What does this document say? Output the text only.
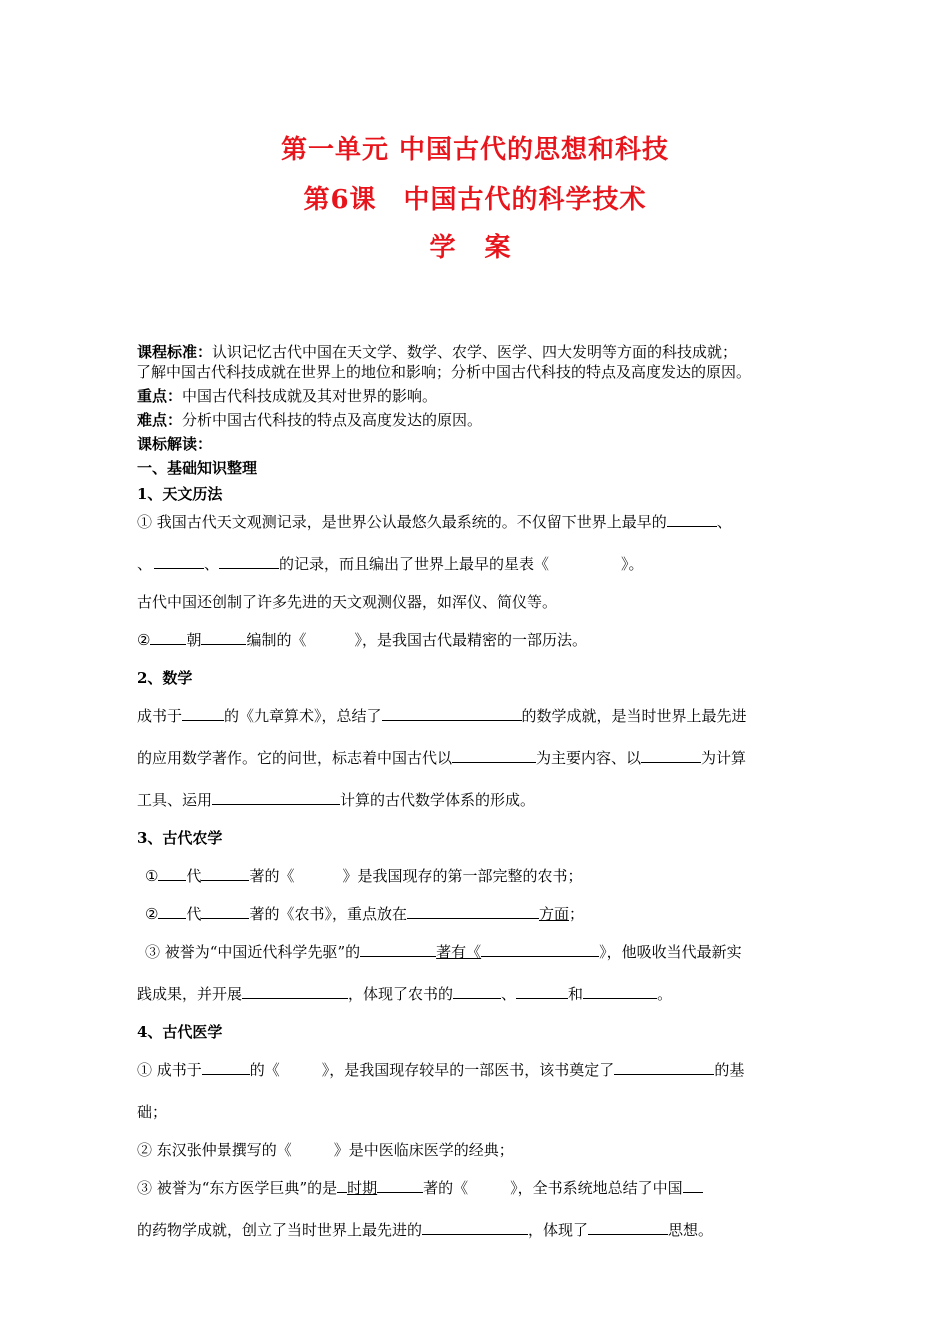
第一单元 中国古代的思想和科技
第6课　中国古代的科学技术
学 案
课程标准：认识记忆古代中国在天文学、数学、农学、医学、四大发明等方面的科技成就；
了解中国古代科技成就在世界上的地位和影响；分析中国古代科技的特点及高度发达的原因。
重点：中国古代科技成就及其对世界的影响。
难点：分析中国古代科技的特点及高度发达的原因。
课标解读：
一、基础知识整理
1、天文历法
① 我国古代天文观测记录，是世界公认最悠久最系统的。不仅留下世界上最早的	、
、	、	的记录，而且编出了世界上最早的星表《	》。
古代中国还创制了许多先进的天文观测仪器，如浑仪、简仪等。
② 朝	编制的《	》，是我国古代最精密的一部历法。
2、数学
成书于	的《九章算术》，总结了	的数学成就，是当时世界上最先进
的应用数学著作。它的问世，标志着中国古代以	为主要内容、以	为计算
工具、运用	计算的古代数学体系的形成。
3、古代农学
① 代	著的《	》是我国现存的第一部完整的农书；
② 代	著的《农书》，重点放在	方面；
③ 被誉为“中国近代科学先驱”的	著有《	》，他吸收当代最新实
践成果，并开展	，体现了农书的	、	和	。
4、古代医学
① 成书于	的《	》，是我国现存较早的一部医书，该书奠定了	的基
础；
② 东汉张仲景撰写的《	》是中医临床医学的经典；
③ 被誉为“东方医学巨典”的是 时期	著的《	》，全书系统地总结了中国
的药物学成就，创立了当时世界上最先进的	，体现了	思想。
